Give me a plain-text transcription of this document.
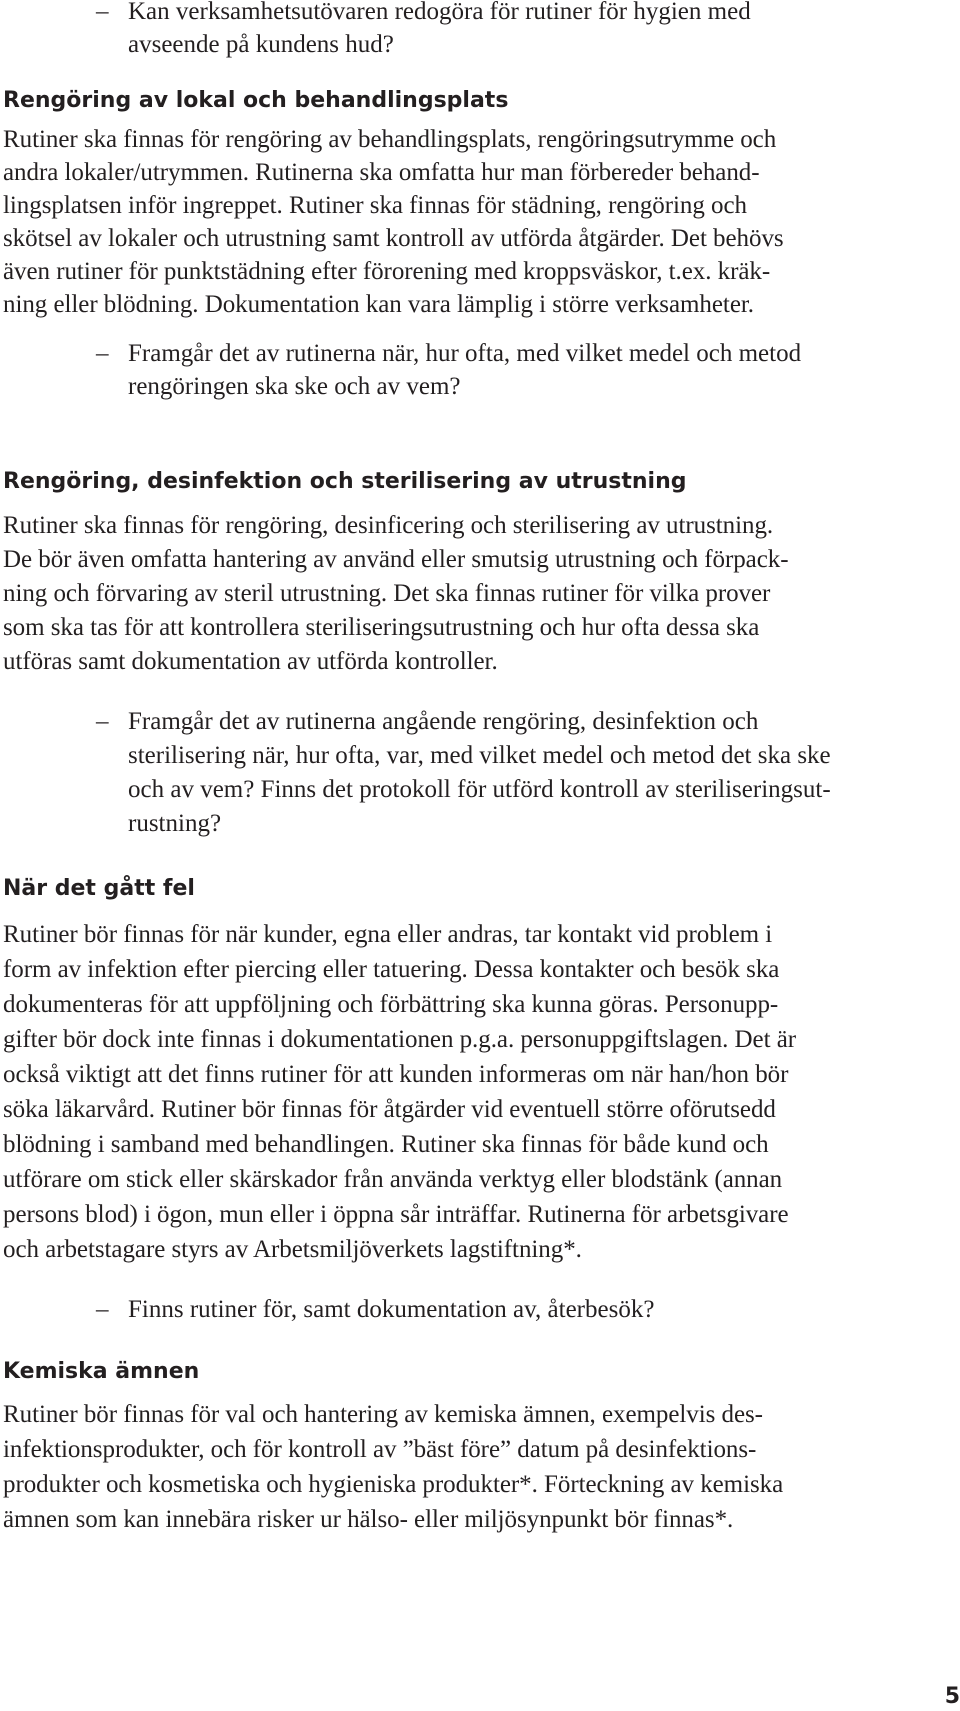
– Kan verksamhetsutövaren redogöra för rutiner för hygien med
avseende på kundens hud?
Rengöring av lokal och behandlingsplats
Rutiner ska finnas för rengöring av behandlingsplats, rengöringsutrymme och
andra lokaler/utrymmen. Rutinerna ska omfatta hur man förbereder behand-
lingsplatsen inför ingreppet. Rutiner ska finnas för städning, rengöring och
skötsel av lokaler och utrustning samt kontroll av utförda åtgärder. Det behövs
även rutiner för punktstädning efter förorening med kroppsväskor, t.ex. kräk-
ning eller blödning. Dokumentation kan vara lämplig i större verksamheter.
– Framgår det av rutinerna när, hur ofta, med vilket medel och metod
rengöringen ska ske och av vem?
Rengöring, desinfektion och sterilisering av utrustning
Rutiner ska finnas för rengöring, desinficering och sterilisering av utrustning.
De bör även omfatta hantering av använd eller smutsig utrustning och förpack-
ning och förvaring av steril utrustning. Det ska finnas rutiner för vilka prover
som ska tas för att kontrollera steriliseringsutrustning och hur ofta dessa ska
utföras samt dokumentation av utförda kontroller.
– Framgår det av rutinerna angående rengöring, desinfektion och
sterilisering när, hur ofta, var, med vilket medel och metod det ska ske
och av vem? Finns det protokoll för utförd kontroll av steriliseringsut-
rustning?
När det gått fel
Rutiner bör finnas för när kunder, egna eller andras, tar kontakt vid problem i
form av infektion efter piercing eller tatuering. Dessa kontakter och besök ska
dokumenteras för att uppföljning och förbättring ska kunna göras. Personupp-
gifter bör dock inte finnas i dokumentationen p.g.a. personuppgiftslagen. Det är
också viktigt att det finns rutiner för att kunden informeras om när han/hon bör
söka läkarvård. Rutiner bör finnas för åtgärder vid eventuell större oförutsedd
blödning i samband med behandlingen. Rutiner ska finnas för både kund och
utförare om stick eller skärskador från använda verktyg eller blodstänk (annan
persons blod) i ögon, mun eller i öppna sår inträffar. Rutinerna för arbetsgivare
och arbetstagare styrs av Arbetsmiljöverkets lagstiftning*.
– Finns rutiner för, samt dokumentation av, återbesök?
Kemiska ämnen
Rutiner bör finnas för val och hantering av kemiska ämnen, exempelvis des-
infektionsprodukter, och för kontroll av ”bäst före” datum på desinfektions-
produkter och kosmetiska och hygieniska produkter*. Förteckning av kemiska
ämnen som kan innebära risker ur hälso- eller miljösynpunkt bör finnas*.
5
